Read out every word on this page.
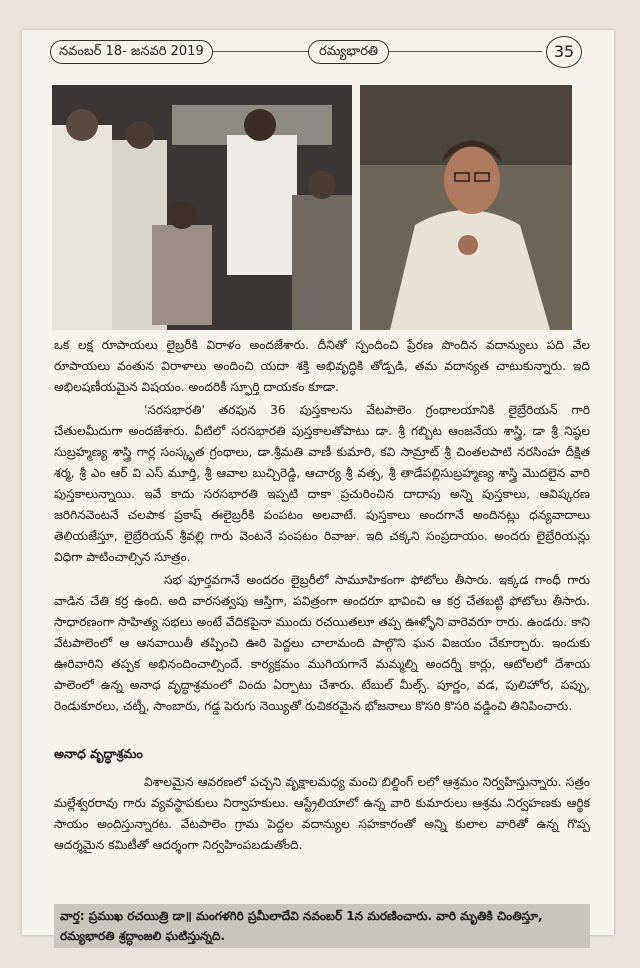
నవంబర్ 18- జనవరి 2019	రమ్యభారతి	35

ఒక లక్ష రూపాయలు లైబ్రరీకి విరాళం అందజేశారు. దీనితో స్పందించి ప్రేరణ పొందిన వదాన్యులు పది వేల రూపాయలు వంతున విరాళాలు అందించి యదా శక్తి అభివృద్ధికి తోడ్పడి, తమ వదాన్యత చాటుకున్నారు. ఇది అభిలషణీయమైన విషయం. అందరికీ స్ఫూర్తి దాయకం కూడా.

'సరసభారతి' తరఫున 36 పుస్తకాలను వేటపాలెం గ్రంథాలయానికి లైబ్రేరియన్ గారి చేతులమీదుగా అందజేశారు. వీటిలో సరసభారతి పుస్తకాలతోపాటు డా. శ్రీ గబ్బిట ఆంజనేయ శాస్త్రి, డా శ్రీ నిష్ఠల సుబ్రహ్మణ్య శాస్త్రి గార్ల సంస్కృత గ్రంథాలు, డా.శ్రీమతి వాణీ కుమారి, కవి సామ్రాట్ శ్రీ చింతలపాటి నరసింహ దీక్షిత శర్మ, శ్రీ ఎం ఆర్ వి ఎస్ మూర్తి, శ్రీ ఆవాల బుచ్చిరెడ్డి, ఆచార్య శ్రీ వత్స, శ్రీ తాడేపల్లిసుబ్రహ్మణ్య శాస్త్రి మొదలైన వారి పుస్తకాలున్నాయి. ఇవే కాదు సరసభారతి ఇప్పటి దాకా ప్రచురించిన దాదాపు అన్ని పుస్తకాలు, ఆవిష్కరణ జరిగినవెంటనే చలపాక ప్రకాష్ ఈలైబ్రరీకి పంపటం అలవాటే. పుస్తకాలు అందగానే అందినట్లు ధన్యవాదాలు తెలియజేస్తూ, లైబ్రేరియన్ శ్రీవల్లి గారు వెంటనే పంపటం రివాజు. ఇది చక్కని సంప్రదాయం. అందరు లైబ్రేరియన్లు విధిగా పాటించాల్సిన సూత్రం.

సభ పూర్తవగానే అందరం లైబ్రరీలో సామూహికంగా ఫోటోలు తీసారు. ఇక్కడ గాంధీ గారు వాడిన చేతి కర్ర ఉంది. అది వారసత్వపు ఆస్తిగా, పవిత్రంగా అందరూ భావించి ఆ కర్ర చేతబట్టి ఫోటోలు తీసారు. సాధారణంగా సాహిత్య సభలు అంటే వేదికపైనా ముందు రచయితలూ తప్ప ఊళ్ళోని వారెవరూ రారు. ఉండరు. కాని వేటపాలెంలో ఆ ఆనవాయితీ తప్పించి ఊరి పెద్దలు చాలామంది పాల్గొని ఘన విజయం చేకూర్చారు. ఇందుకు ఊరివారిని తప్పక అభినందించాల్సిందే. కార్యక్రమం ముగియగానే మమ్మల్ని అందర్నీ కార్లు, ఆటోలలో దేశాయ పాలెంలో ఉన్న అనాధ వృద్ధాశ్రమంలో విందు ఏర్పాటు చేశారు. టేబుల్ మీల్స్. పూర్ణం, వడ, పులిహోర, పప్పు, రెండుకూరలు, చట్నీ, సాంబారు, గడ్డ పెరుగు నెయ్యితో రుచికరమైన భోజనాలు కొసరి కొసరి వడ్డించి తినిపించారు.

అనాధ వృద్ధాశ్రమం

విశాలమైన ఆవరణలో పచ్చని వృక్షాలమధ్య మంచి బిల్డింగ్ లలో ఆశ్రమం నిర్వహిస్తున్నారు. సత్రం మల్లేశ్వరరావు గారు వ్యవస్థాపకులు నిర్వాహకులు. ఆస్ట్రేలియాలో ఉన్న వారి కుమారులు ఆశ్రమ నిర్వహణకు ఆర్థిక సాయం అందిస్తున్నారట. వేటపాలెం గ్రామ పెద్దల వదాన్యుల సహకారంతో అన్ని కులాల వారితో ఉన్న గొప్ప ఆదర్శమైన కమిటీతో ఆదర్శంగా నిర్వహింపబడుతోంది.

వార్త: ప్రముఖ రచయిత్రి డా॥ మంగళగిరి ప్రమీలాదేవి నవంబర్ 1న మరణించారు. వారి మృతికి చింతిస్తూ, రమ్యభారతి శ్రద్ధాంజలి ఘటిస్తున్నది.
